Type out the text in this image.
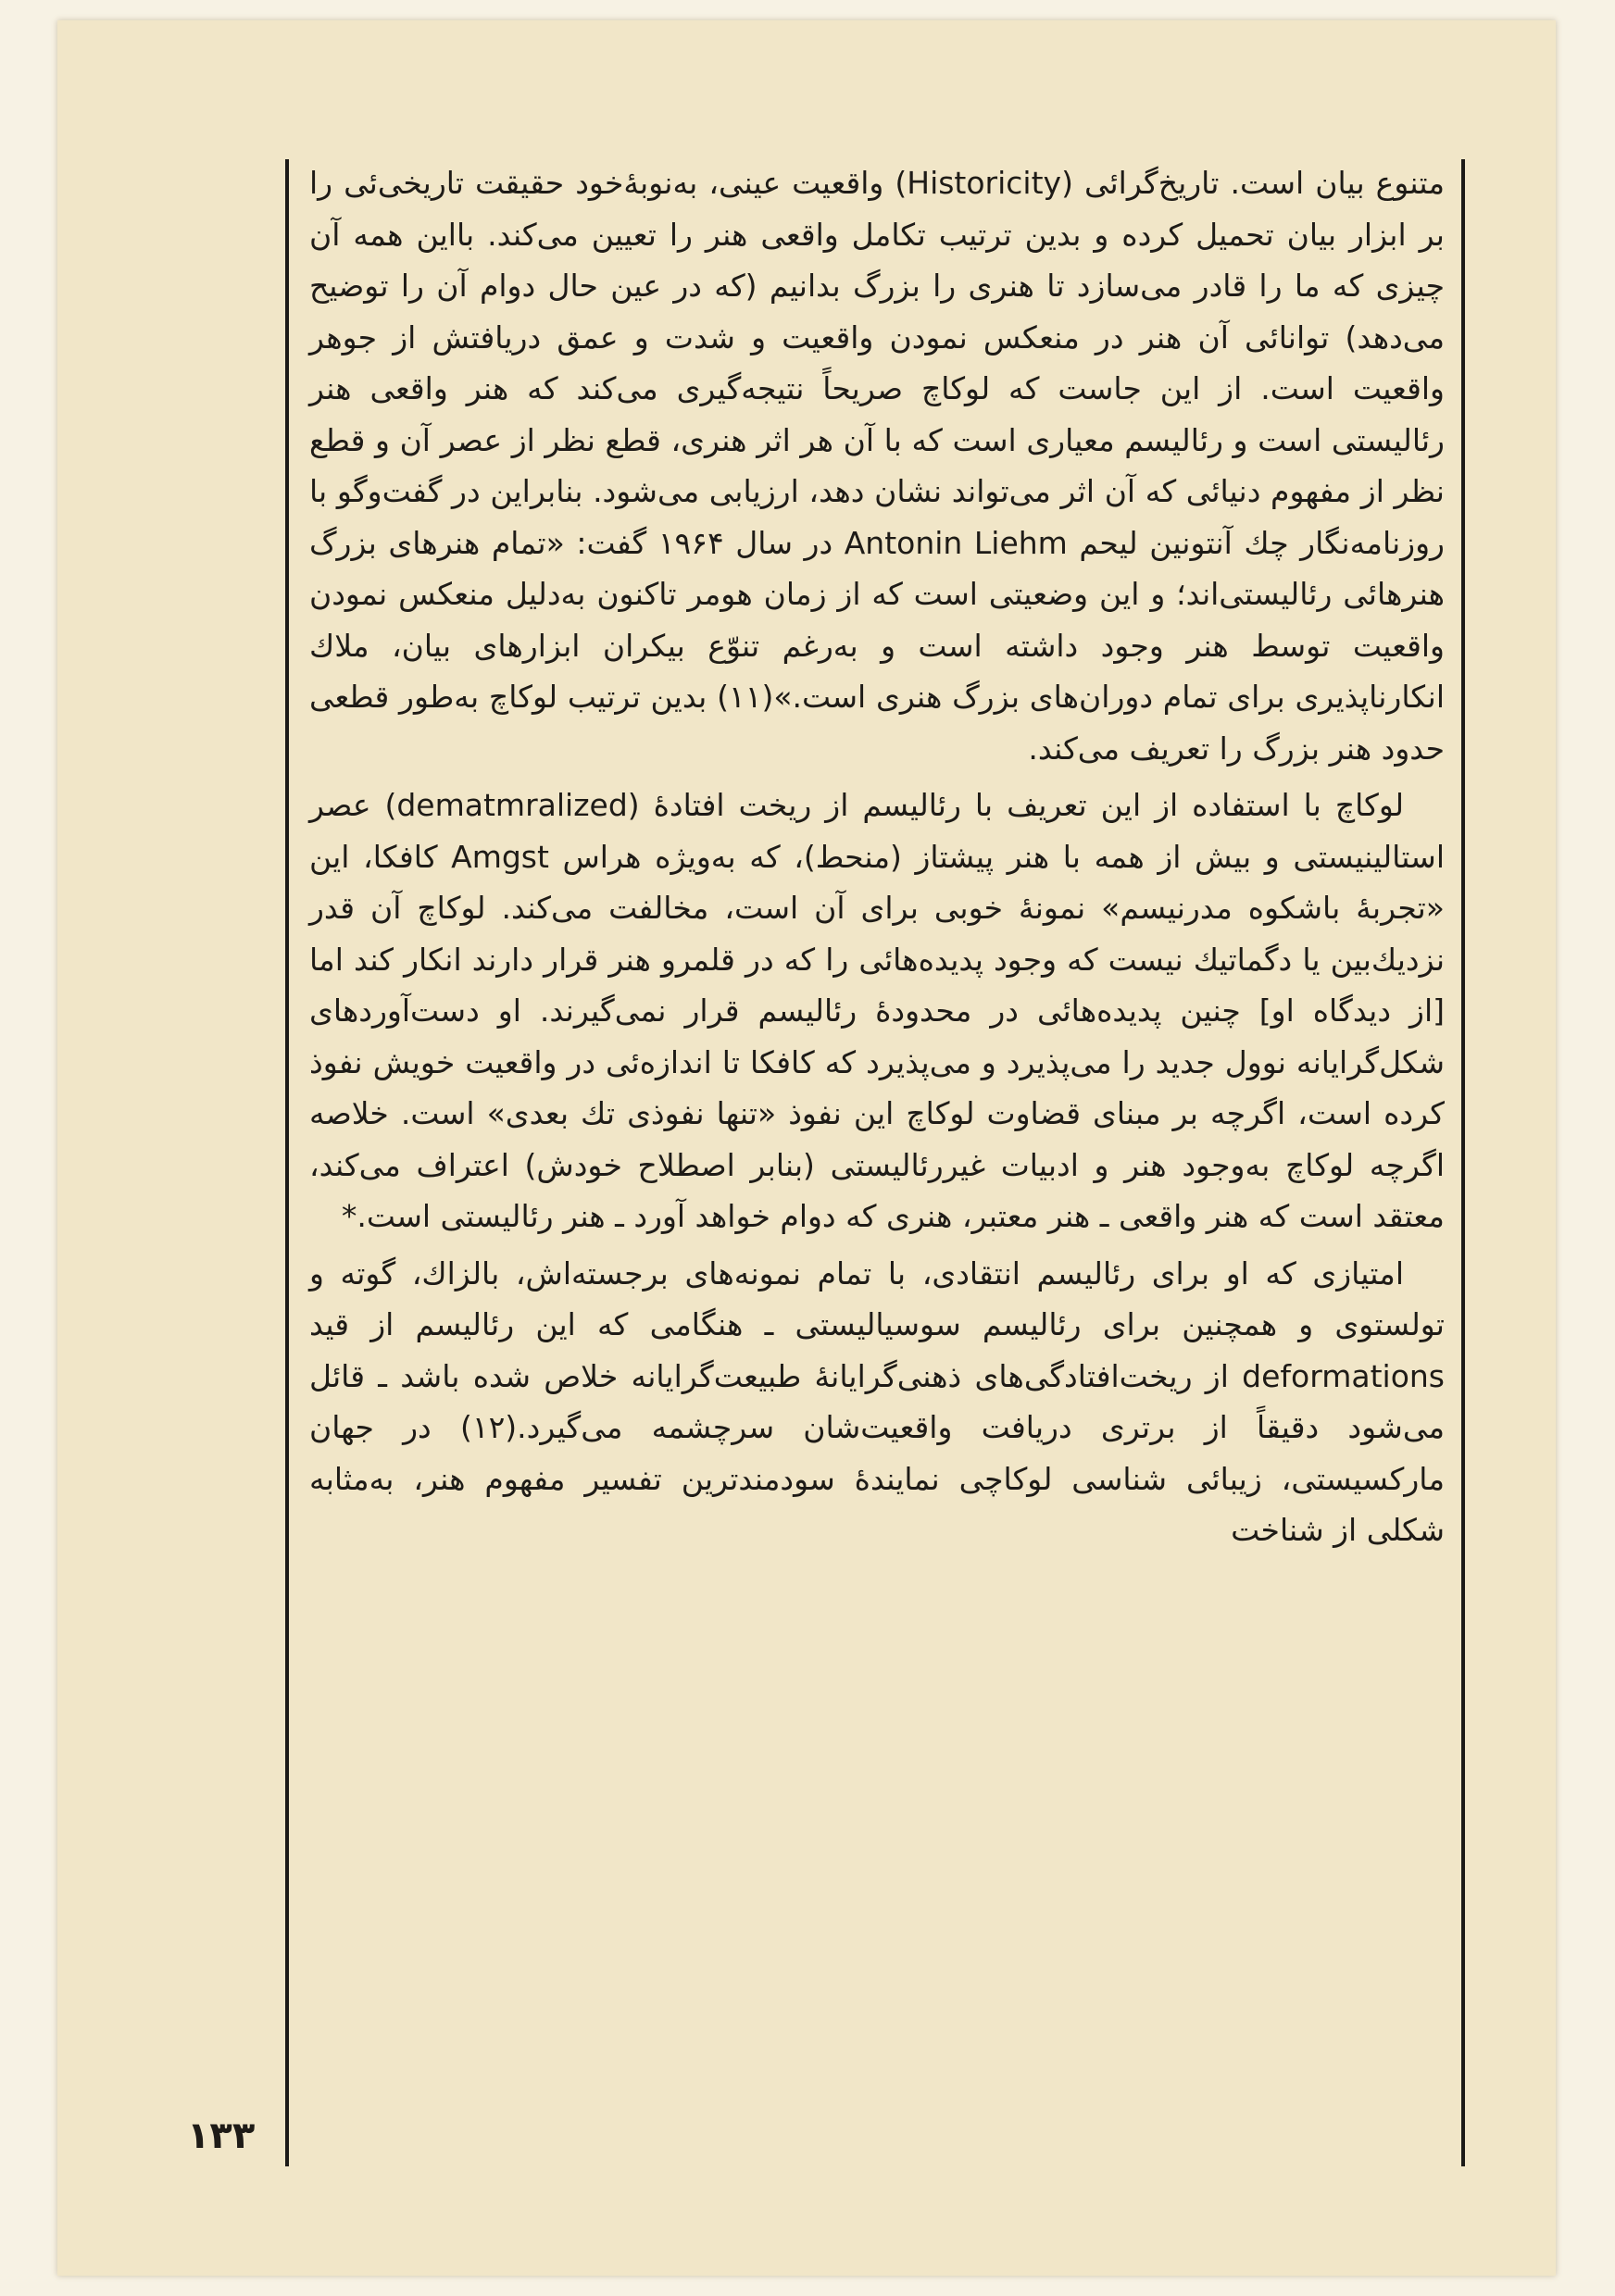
متنوع بیان است. تاریخ‌گرائی (Historicity) واقعیت عینی، به‌نوبهٔ‌خود حقیقت تاریخی‌ئی را بر ابزار بیان تحمیل کرده و بدین ترتیب تکامل واقعی هنر را تعیین می‌کند. بااین همه آن چیزی که ما را قادر می‌سازد تا هنری را بزرگ بدانیم (که در عین حال دوام آن را توضیح می‌دهد) توانائی آن هنر در منعکس نمودن واقعیت و شدت و عمق دریافتش از جوهر واقعیت است. از این جاست که لوکاچ صریحاً نتیجه‌گیری می‌کند که هنر واقعی هنر رئالیستی است و رئالیسم معیاری است که با آن هر اثر هنری، قطع نظر از عصر آن و قطع نظر از مفهوم دنیائی که آن اثر می‌تواند نشان دهد، ارزیابی می‌شود. بنابراین در گفت‌وگو با روزنامه‌نگار چك آنتونین لیحم Antonin Liehm در سال ۱۹۶۴ گفت: «تمام هنرهای بزرگ هنرهائی رئالیستی‌اند؛ و این وضعیتی است که از زمان هومر تاکنون به‌دلیل منعکس نمودن واقعیت توسط هنر وجود داشته است و به‌رغم تنوّع بیکران ابزارهای بیان، ملاك انکارناپذیری برای تمام دوران‌های بزرگ هنری است.»(۱۱) بدین ترتیب لوکاچ به‌طور قطعی حدود هنر بزرگ را تعریف می‌کند.

لوکاچ با استفاده از این تعریف با رئالیسم از ریخت افتادهٔ (dematmralized) عصر استالینیستی و بیش از همه با هنر پیشتاز (منحط)، که به‌ویژه هراس Amgst کافکا، این «تجربهٔ باشکوه مدرنیسم» نمونهٔ خوبی برای آن است، مخالفت می‌کند. لوکاچ آن قدر نزدیك‌بین یا دگماتیك نیست که وجود پدیده‌هائی را که در قلمرو هنر قرار دارند انکار کند اما [از دیدگاه او] چنین پدیده‌هائی در محدودهٔ رئالیسم قرار نمی‌گیرند. او دست‌آوردهای شکل‌گرایانه نوول جدید را می‌پذیرد و می‌پذیرد که کافکا تا اندازه‌ئی در واقعیت خویش نفوذ کرده است، اگرچه بر مبنای قضاوت لوکاچ این نفوذ «تنها نفوذی تك بعدی» است. خلاصه اگرچه لوکاچ به‌وجود هنر و ادبیات غیررئالیستی (بنابر اصطلاح خودش) اعتراف می‌کند، معتقد است که هنر واقعی ـ هنر معتبر، هنری که دوام خواهد آورد ـ هنر رئالیستی است.*

امتیازی که او برای رئالیسم انتقادی، با تمام نمونه‌های برجسته‌اش، بالزاك، گوته و تولستوی و همچنین برای رئالیسم سوسیالیستی ـ هنگامی که این رئالیسم از قید deformations از ریخت‌افتادگی‌های ذهنی‌گرایانهٔ طبیعت‌گرایانه خلاص شده باشد ـ قائل می‌شود دقیقاً از برتری دریافت واقعیت‌شان سرچشمه می‌گیرد.(۱۲) در جهان مارکسیستی، زیبائی شناسی لوکاچی نمایندهٔ سودمندترین تفسیر مفهوم هنر، به‌مثابه شکلی از شناخت

۱۳۳
